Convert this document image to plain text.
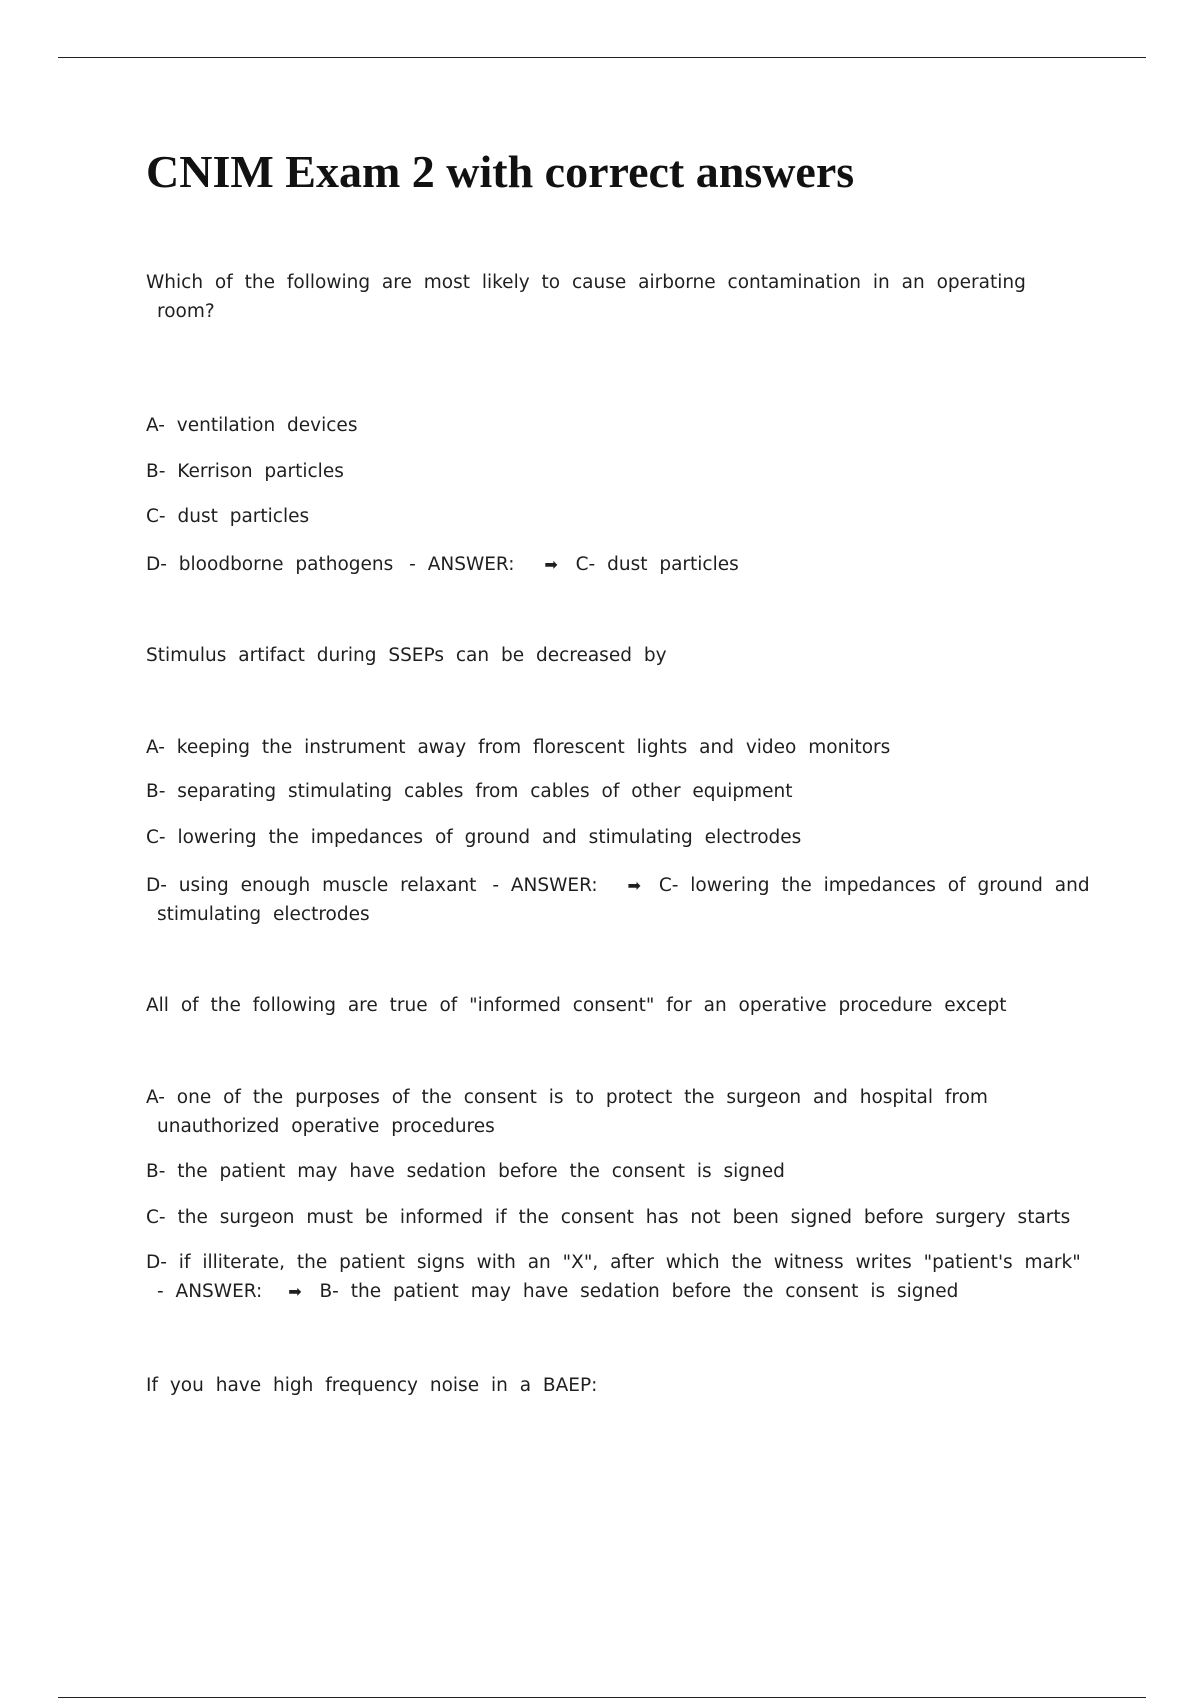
CNIM Exam 2 with correct answers
Which of the following are most likely to cause airborne contamination in an operating
room?
A- ventilation devices
B- Kerrison particles
C- dust particles
D- bloodborne pathogens - ANSWER: ➡ C- dust particles
Stimulus artifact during SSEPs can be decreased by
A- keeping the instrument away from florescent lights and video monitors
B- separating stimulating cables from cables of other equipment
C- lowering the impedances of ground and stimulating electrodes
D- using enough muscle relaxant - ANSWER: ➡ C- lowering the impedances of ground and
stimulating electrodes
All of the following are true of "informed consent" for an operative procedure except
A- one of the purposes of the consent is to protect the surgeon and hospital from
unauthorized operative procedures
B- the patient may have sedation before the consent is signed
C- the surgeon must be informed if the consent has not been signed before surgery starts
D- if illiterate, the patient signs with an "X", after which the witness writes "patient's mark"
- ANSWER: ➡ B- the patient may have sedation before the consent is signed
If you have high frequency noise in a BAEP:
